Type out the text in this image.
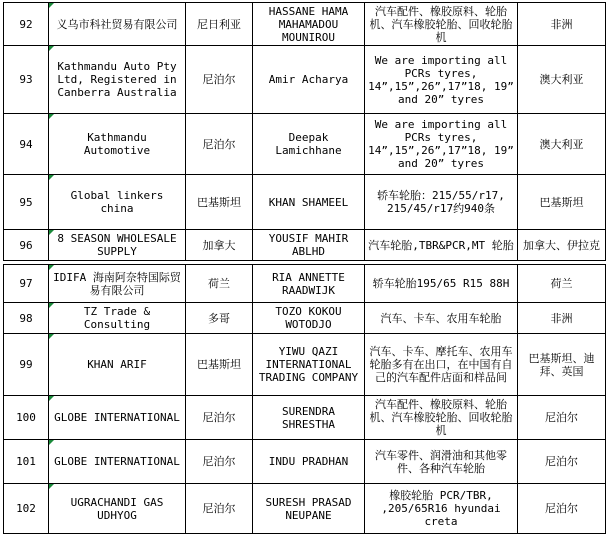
92	义乌市科社贸易有限公司	尼日利亚	HASSANE HAMA MAHAMADOU MOUNIROU	汽车配件、橡胶原料、轮胎机、汽车橡胶轮胎、回收轮胎机	非洲
93	Kathmandu Auto Pty Ltd, Registered in Canberra Australia	尼泊尔	Amir Acharya	We are importing all PCRs tyres, 14”,15”,26”,17”18, 19” and 20” tyres	澳大利亚
94	Kathmandu Automotive	尼泊尔	Deepak Lamichhane	We are importing all PCRs tyres, 14”,15”,26”,17”18, 19” and 20” tyres	澳大利亚
95	Global linkers china	巴基斯坦	KHAN SHAMEEL	轿车轮胎：215/55/r17, 215/45/r17约940条	巴基斯坦
96	8 SEASON WHOLESALE SUPPLY	加拿大	YOUSIF MAHIR ABLHD	汽车轮胎,TBR&PCR,MT 轮胎	加拿大、伊拉克

97	IDIFA 海南阿奈特国际贸易有限公司	荷兰	RIA ANNETTE RAADWIJK	轿车轮胎195/65 R15 88H	荷兰
98	TZ Trade & Consulting	多哥	TOZO KOKOU WOTODJO	汽车、卡车、农用车轮胎	非洲
99	KHAN ARIF	巴基斯坦	YIWU QAZI INTERNATIONAL TRADING COMPANY	汽车、卡车、摩托车、农用车轮胎多有在出口，在中国有自己的汽车配件店面和样品间	巴基斯坦、迪拜、英国
100	GLOBE INTERNATIONAL	尼泊尔	SURENDRA SHRESTHA	汽车配件、橡胶原料、轮胎机、汽车橡胶轮胎、回收轮胎机	尼泊尔
101	GLOBE INTERNATIONAL	尼泊尔	INDU PRADHAN	汽车零件、润滑油和其他零件、各种汽车轮胎	尼泊尔
102	UGRACHANDI GAS UDHYOG	尼泊尔	SURESH PRASAD NEUPANE	橡胶轮胎 PCR/TBR, ,205/65R16 hyundai creta	尼泊尔
